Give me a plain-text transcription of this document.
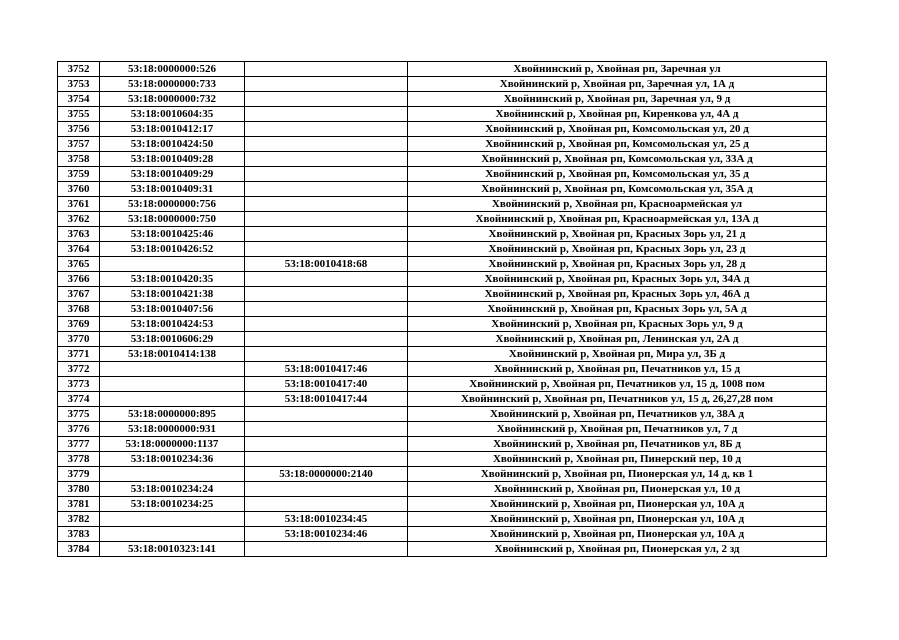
3752	53:18:0000000:526		Хвойнинский р, Хвойная рп, Заречная ул
3753	53:18:0000000:733		Хвойнинский р, Хвойная рп, Заречная ул, 1А д
3754	53:18:0000000:732		Хвойнинский р, Хвойная рп, Заречная ул, 9 д
3755	53:18:0010604:35		Хвойнинский р, Хвойная рп, Киренкова ул, 4А д
3756	53:18:0010412:17		Хвойнинский р, Хвойная рп, Комсомольская ул, 20 д
3757	53:18:0010424:50		Хвойнинский р, Хвойная рп, Комсомольская ул, 25 д
3758	53:18:0010409:28		Хвойнинский р, Хвойная рп, Комсомольская ул, 33А д
3759	53:18:0010409:29		Хвойнинский р, Хвойная рп, Комсомольская ул, 35 д
3760	53:18:0010409:31		Хвойнинский р, Хвойная рп, Комсомольская ул, 35А д
3761	53:18:0000000:756		Хвойнинский р, Хвойная рп, Красноармейская ул
3762	53:18:0000000:750		Хвойнинский р, Хвойная рп, Красноармейская ул, 13А д
3763	53:18:0010425:46		Хвойнинский р, Хвойная рп, Красных Зорь ул, 21 д
3764	53:18:0010426:52		Хвойнинский р, Хвойная рп, Красных Зорь ул, 23 д
3765		53:18:0010418:68	Хвойнинский р, Хвойная рп, Красных Зорь ул, 28 д
3766	53:18:0010420:35		Хвойнинский р, Хвойная рп, Красных Зорь ул, 34А д
3767	53:18:0010421:38		Хвойнинский р, Хвойная рп, Красных Зорь ул, 46А д
3768	53:18:0010407:56		Хвойнинский р, Хвойная рп, Красных Зорь ул, 5А д
3769	53:18:0010424:53		Хвойнинский р, Хвойная рп, Красных Зорь ул, 9 д
3770	53:18:0010606:29		Хвойнинский р, Хвойная рп, Ленинская ул, 2А д
3771	53:18:0010414:138		Хвойнинский р, Хвойная рп, Мира ул, 3Б д
3772		53:18:0010417:46	Хвойнинский р, Хвойная рп, Печатников ул, 15 д
3773		53:18:0010417:40	Хвойнинский р, Хвойная рп, Печатников ул, 15 д, 1008 пом
3774		53:18:0010417:44	Хвойнинский р, Хвойная рп, Печатников ул, 15 д, 26,27,28 пом
3775	53:18:0000000:895		Хвойнинский р, Хвойная рп, Печатников ул, 38А д
3776	53:18:0000000:931		Хвойнинский р, Хвойная рп, Печатников ул, 7 д
3777	53:18:0000000:1137		Хвойнинский р, Хвойная рп, Печатников ул, 8Б д
3778	53:18:0010234:36		Хвойнинский р, Хвойная рп, Пинерский пер, 10 д
3779		53:18:0000000:2140	Хвойнинский р, Хвойная рп, Пионерская ул, 14 д, кв 1
3780	53:18:0010234:24		Хвойнинский р, Хвойная рп, Пионерская ул, 10 д
3781	53:18:0010234:25		Хвойнинский р, Хвойная рп, Пионерская ул, 10А д
3782		53:18:0010234:45	Хвойнинский р, Хвойная рп, Пионерская ул, 10А д
3783		53:18:0010234:46	Хвойнинский р, Хвойная рп, Пионерская ул, 10А д
3784	53:18:0010323:141		Хвойнинский р, Хвойная рп, Пионерская ул, 2 зд
